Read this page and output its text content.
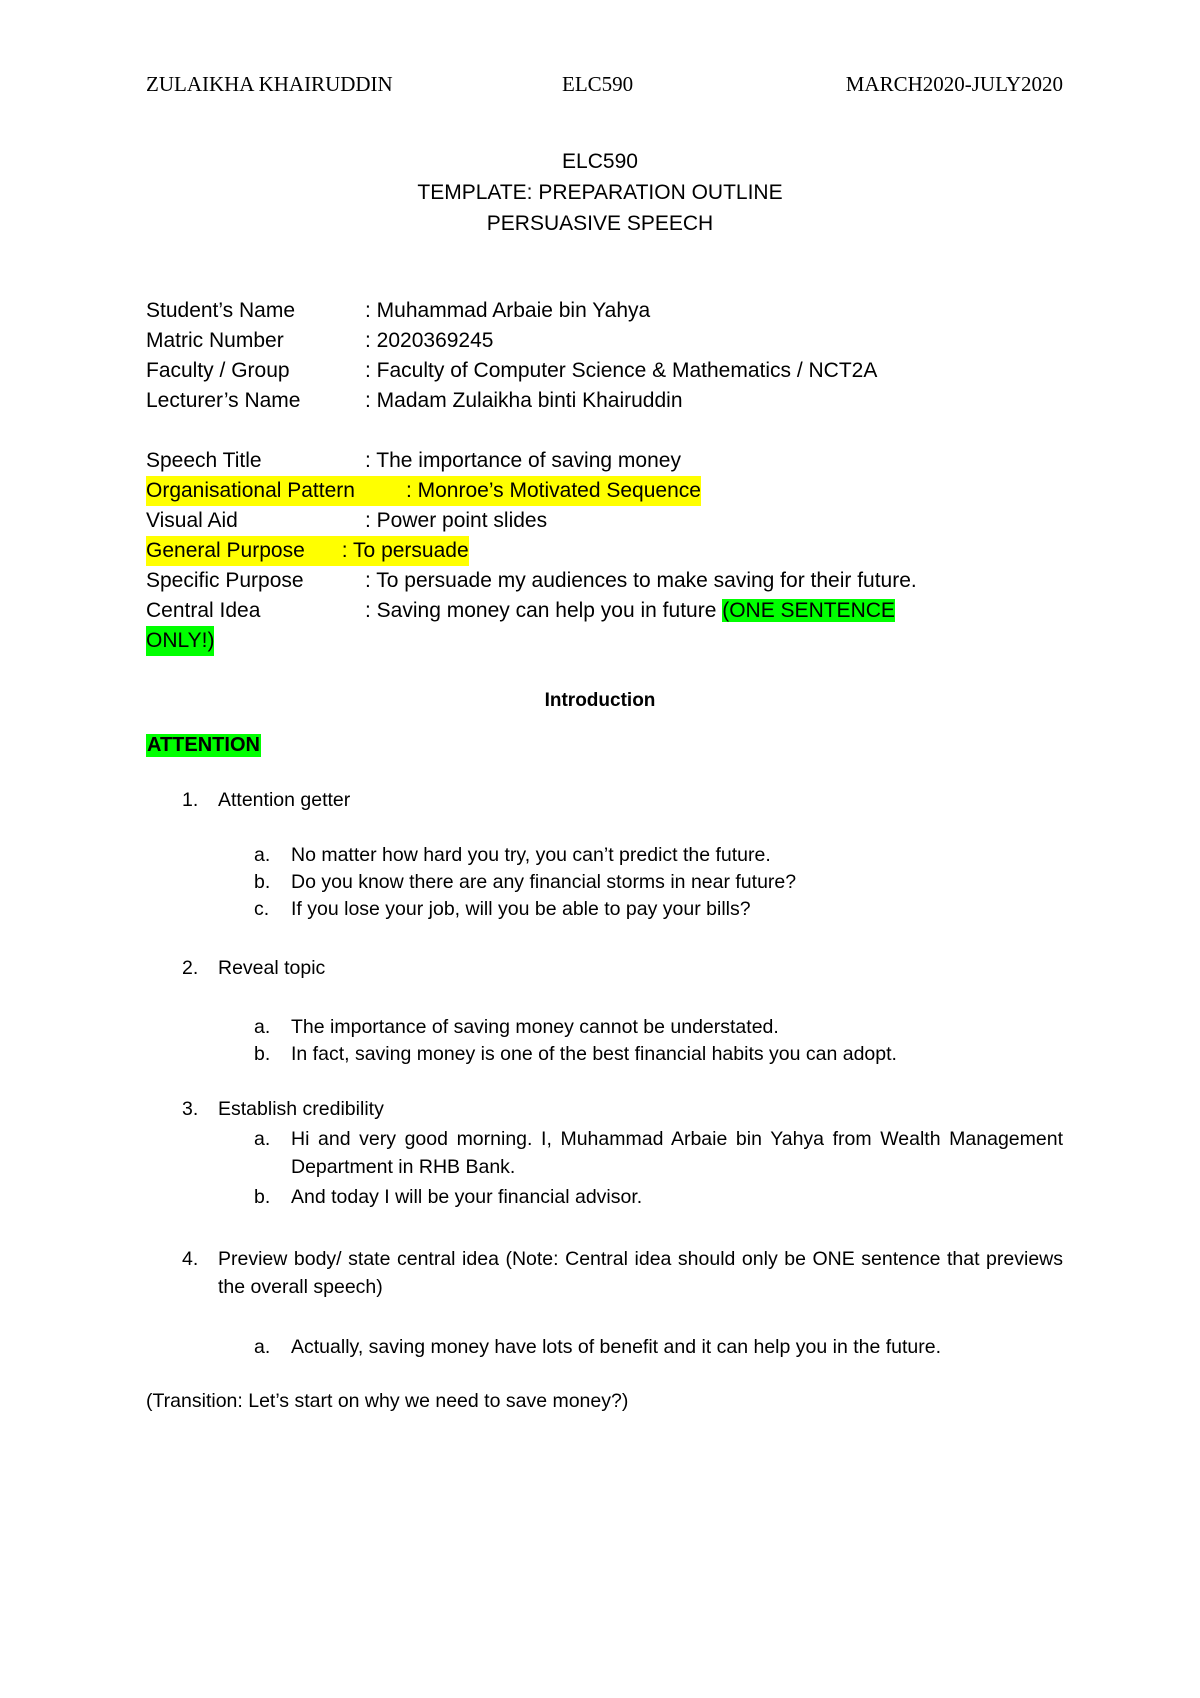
ZULAIKHA KHAIRUDDIN	ELC590	MARCH2020-JULY2020
ELC590
TEMPLATE: PREPARATION OUTLINE
PERSUASIVE SPEECH
Student’s Name	: Muhammad Arbaie bin Yahya
Matric Number	: 2020369245
Faculty / Group	: Faculty of Computer Science & Mathematics / NCT2A
Lecturer’s Name	: Madam Zulaikha binti Khairuddin
Speech Title	: The importance of saving money
Organisational Pattern : Monroe’s Motivated Sequence
Visual Aid	: Power point slides
General Purpose : To persuade
Specific Purpose	: To persuade my audiences to make saving for their future.
Central Idea	: Saving money can help you in future (ONE SENTENCE
ONLY!)
Introduction
ATTENTION
1. Attention getter
a. No matter how hard you try, you can’t predict the future.
b. Do you know there are any financial storms in near future?
c. If you lose your job, will you be able to pay your bills?
2. Reveal topic
a. The importance of saving money cannot be understated.
b. In fact, saving money is one of the best financial habits you can adopt.
3. Establish credibility
a. Hi and very good morning. I, Muhammad Arbaie bin Yahya from Wealth Management Department in RHB Bank.
b. And today I will be your financial advisor.
4. Preview body/ state central idea (Note: Central idea should only be ONE sentence that previews the overall speech)
a. Actually, saving money have lots of benefit and it can help you in the future.
(Transition: Let’s start on why we need to save money?)
